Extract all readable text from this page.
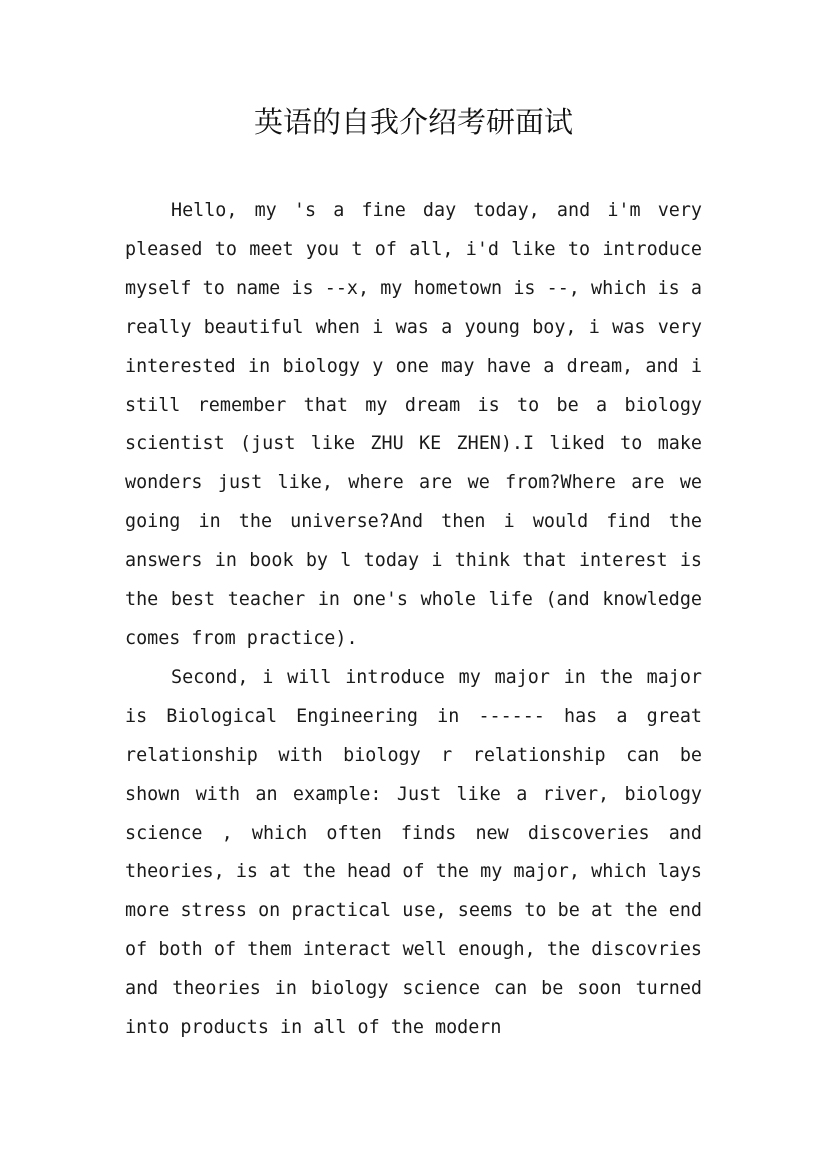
英语的自我介绍考研面试

Hello, my 's a fine day today, and i'm very pleased to meet you t of all, i'd like to introduce myself to name is --x, my hometown is --, which is a really beautiful when i was a young boy, i was very interested in biology y one may have a dream, and i still remember that my dream is to be a biology scientist (just like ZHU KE ZHEN).I liked to make wonders just like, where are we from?Where are we going in the universe?And then i would find the answers in book by l today i think that interest is the best teacher in one's whole life (and knowledge comes from practice).

Second, i will introduce my major in the major is Biological Engineering in ------ has a great relationship with biology r relationship can be shown with an example: Just like a river, biology science , which often finds new discoveries and theories, is at the head of the my major, which lays more stress on practical use, seems to be at the end of both of them interact well enough, the discovries and theories in biology science can be soon turned into products in all of the modern
